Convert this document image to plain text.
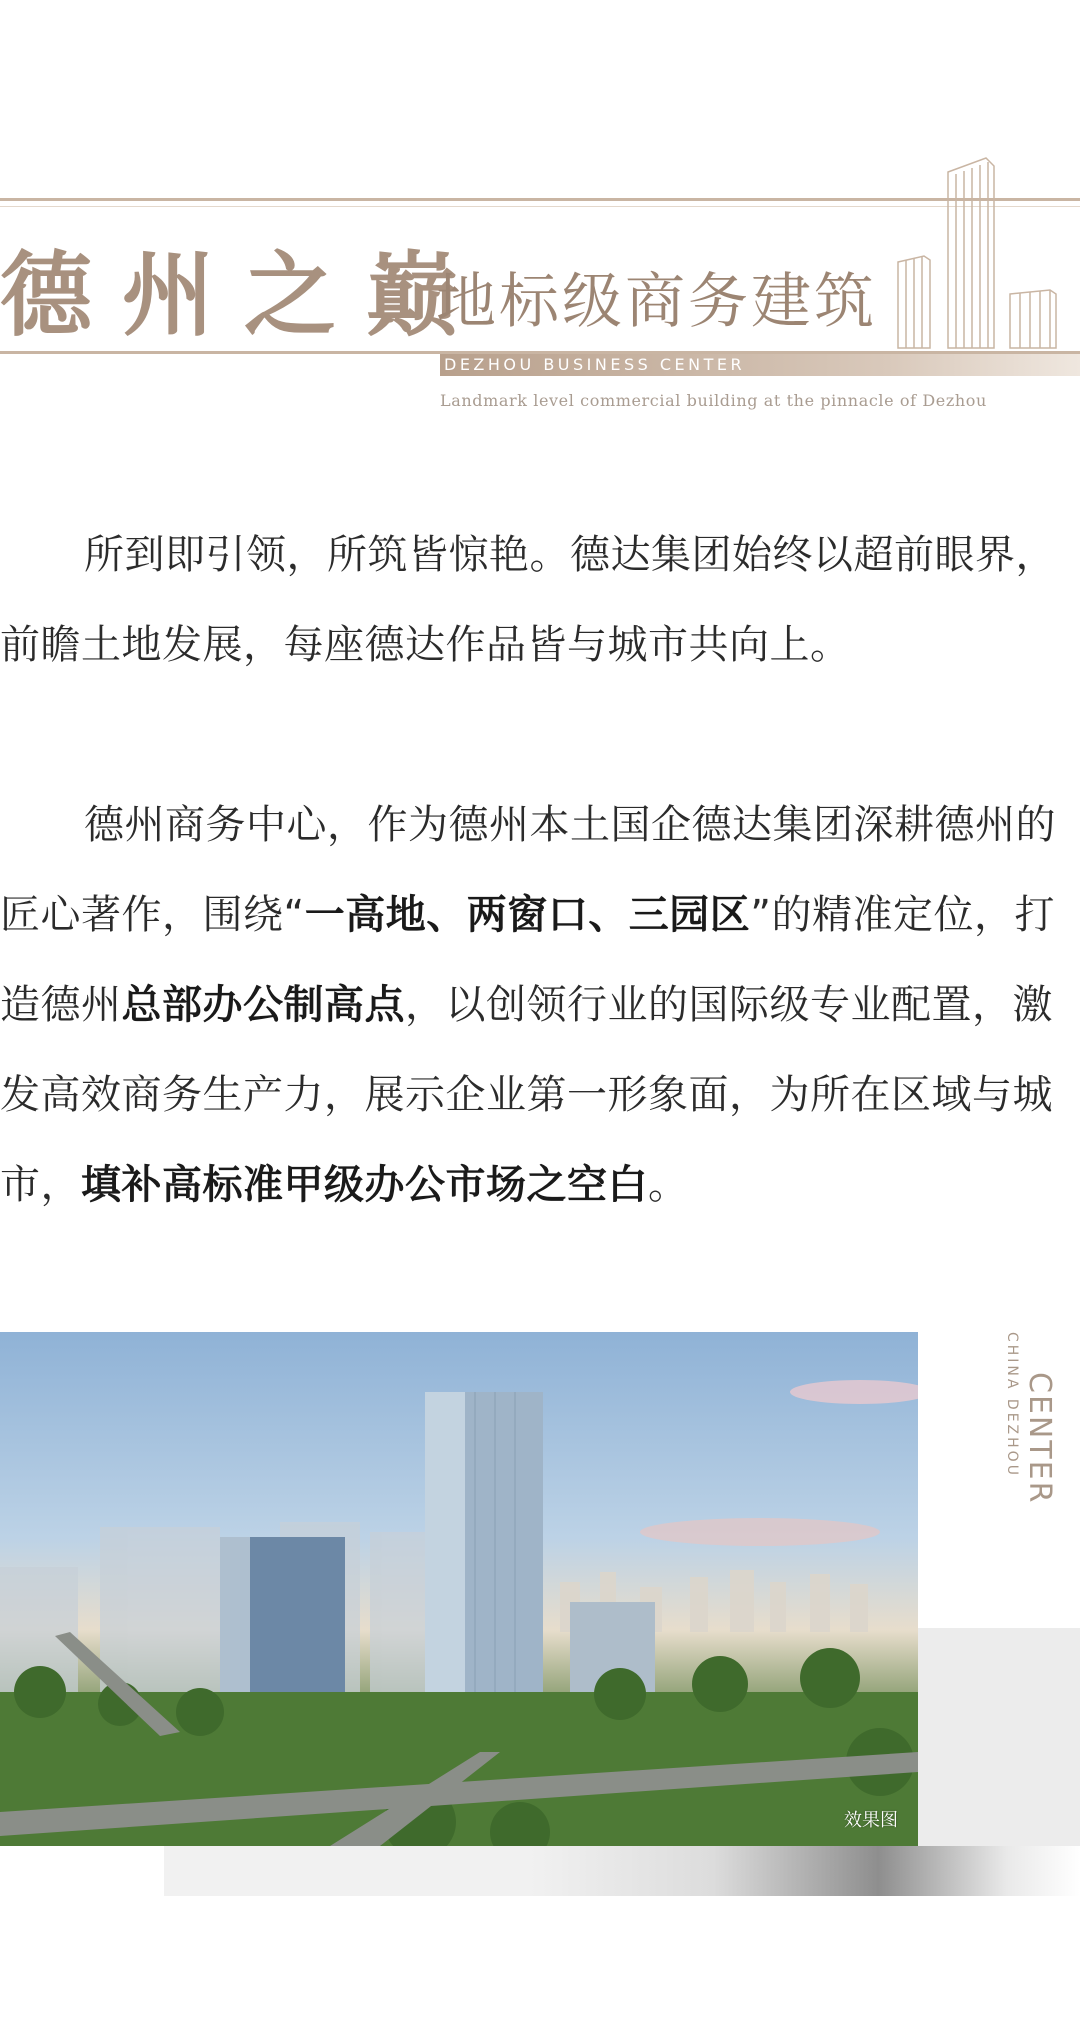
德州之巅
地标级商务建筑
DEZHOU BUSINESS CENTER
Landmark level commercial building at the pinnacle of Dezhou

所到即引领，所筑皆惊艳。德达集团始终以超前眼界，前瞻土地发展，每座德达作品皆与城市共向上。

德州商务中心，作为德州本土国企德达集团深耕德州的匠心著作，围绕“一高地、两窗口、三园区”的精准定位，打造德州总部办公制高点，以创领行业的国际级专业配置，激发高效商务生产力，展示企业第一形象面，为所在区域与城市，填补高标准甲级办公市场之空白。

效果图
CHINA DEZHOU CENTER
